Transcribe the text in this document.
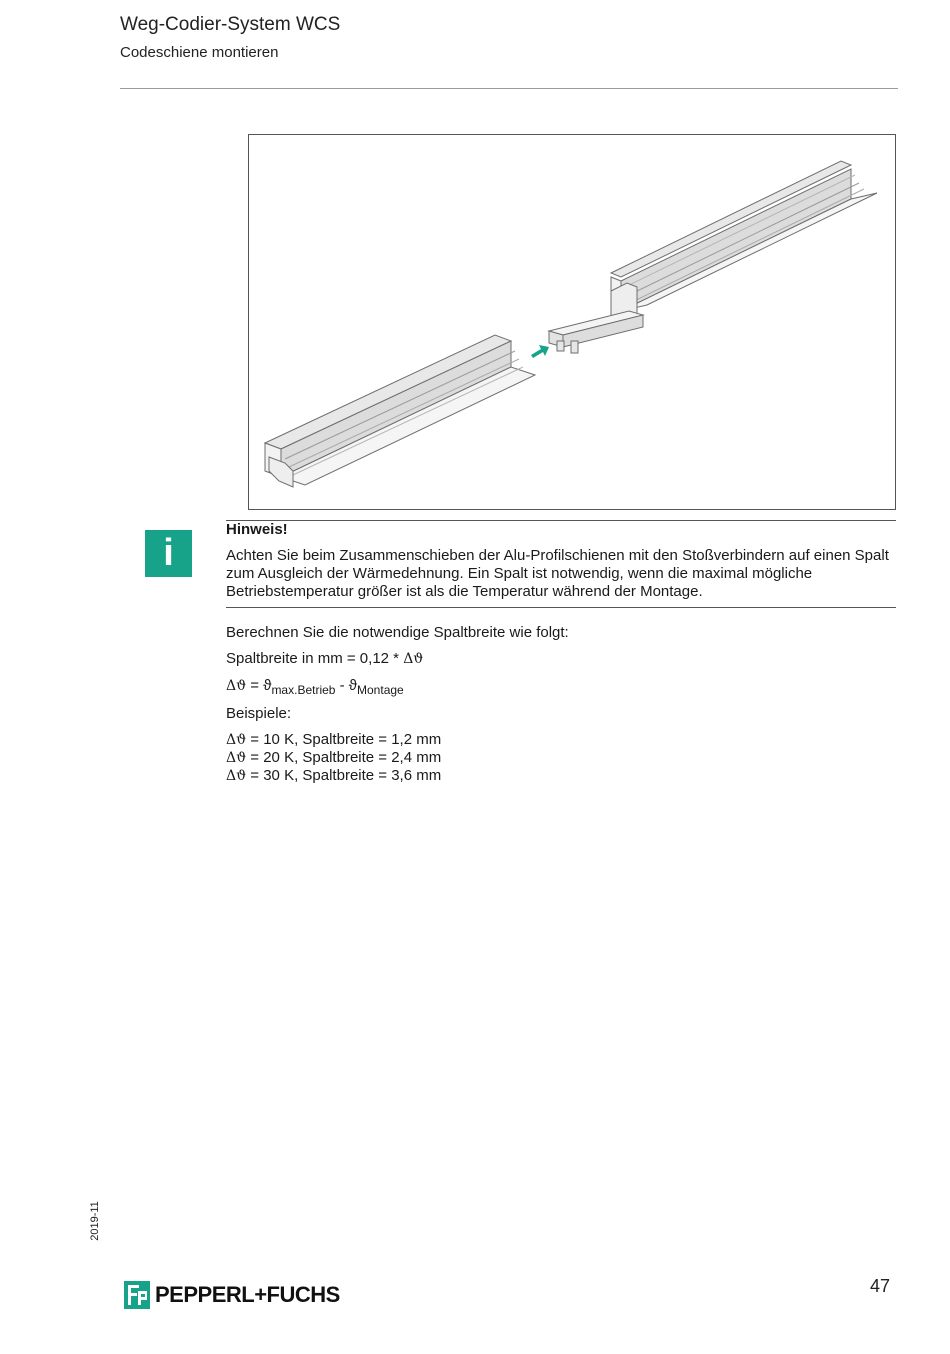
Weg-Codier-System WCS
Codeschiene montieren
i
Hinweis!
Achten Sie beim Zusammenschieben der Alu-Profilschienen mit den Stoßverbindern auf einen Spalt zum Ausgleich der Wärmedehnung. Ein Spalt ist notwendig, wenn die maximal mögliche Betriebstemperatur größer ist als die Temperatur während der Montage.
Berechnen Sie die notwendige Spaltbreite wie folgt:
Spaltbreite in mm = 0,12 * Δϑ
$\Delta ϑ = ϑ_{max.Betrieb} - ϑ_{Montage}$
Beispiele:
Δϑ = 10 K, Spaltbreite = 1,2 mm
Δϑ = 20 K, Spaltbreite = 2,4 mm
Δϑ = 30 K, Spaltbreite = 3,6 mm
2019-11
47
PEPPERL+FUCHS
